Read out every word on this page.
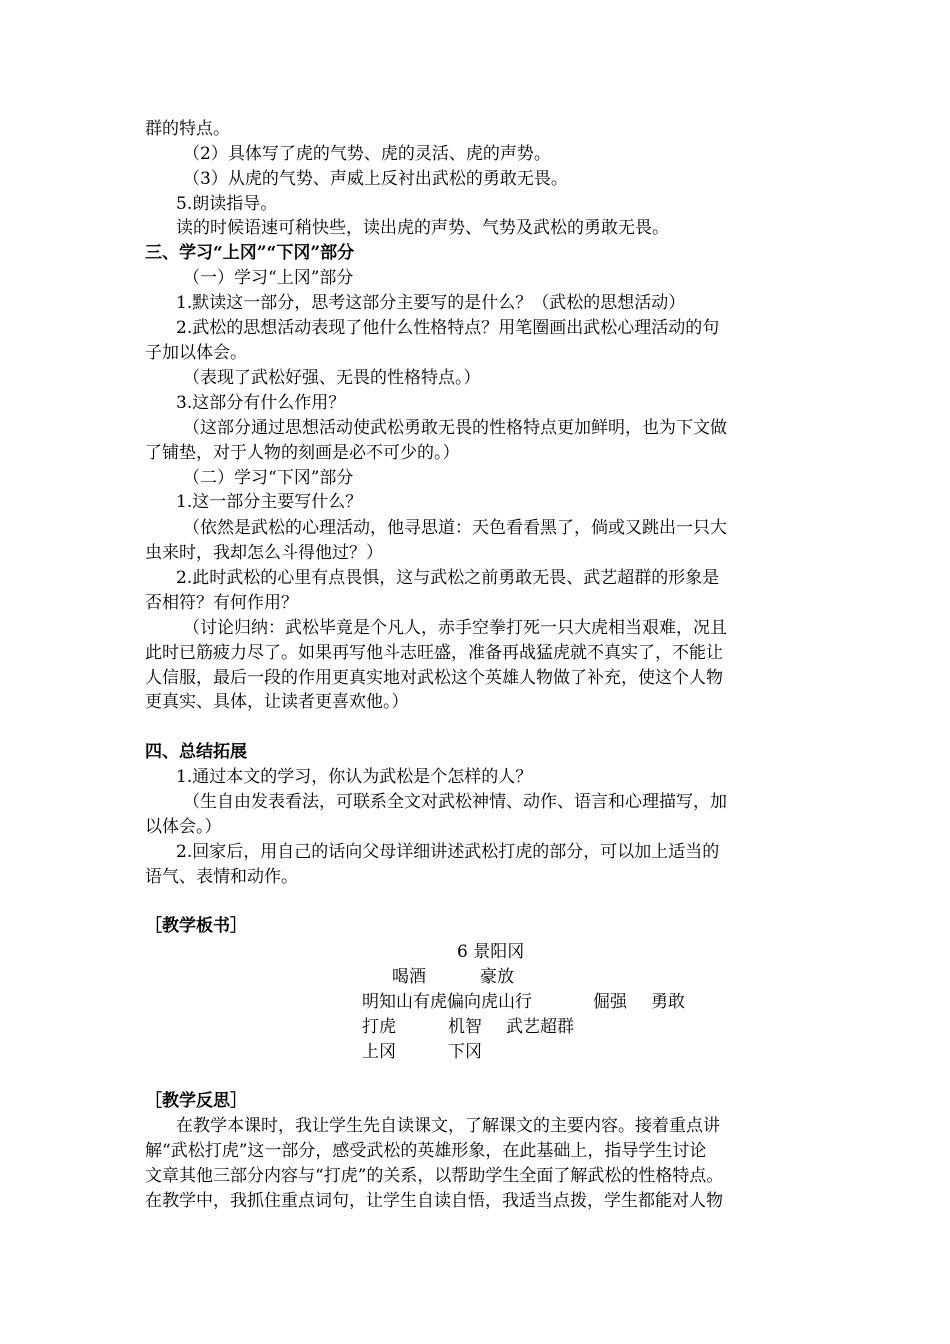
群的特点。
（2）具体写了虎的气势、虎的灵活、虎的声势。
（3）从虎的气势、声威上反衬出武松的勇敢无畏。
5.朗读指导。
读的时候语速可稍快些，读出虎的声势、气势及武松的勇敢无畏。
三、学习“上冈”“下冈”部分
（一）学习“上冈”部分
1.默读这一部分，思考这部分主要写的是什么？（武松的思想活动）
2.武松的思想活动表现了他什么性格特点？用笔圈画出武松心理活动的句
子加以体会。
（表现了武松好强、无畏的性格特点。）
3.这部分有什么作用？
（这部分通过思想活动使武松勇敢无畏的性格特点更加鲜明，也为下文做
了铺垫，对于人物的刻画是必不可少的。）
（二）学习“下冈”部分
1.这一部分主要写什么？
（依然是武松的心理活动，他寻思道：天色看看黑了，倘或又跳出一只大
虫来时，我却怎么斗得他过？）
2.此时武松的心里有点畏惧，这与武松之前勇敢无畏、武艺超群的形象是
否相符？有何作用？
（讨论归纳：武松毕竟是个凡人，赤手空拳打死一只大虎相当艰难，况且
此时已筋疲力尽了。如果再写他斗志旺盛，准备再战猛虎就不真实了，不能让
人信服，最后一段的作用更真实地对武松这个英雄人物做了补充，使这个人物
更真实、具体，让读者更喜欢他。）
四、总结拓展
1.通过本文的学习，你认为武松是个怎样的人？
（生自由发表看法，可联系全文对武松神情、动作、语言和心理描写，加
以体会。）
2.回家后，用自己的话向父母详细讲述武松打虎的部分，可以加上适当的
语气、表情和动作。
［教学板书］
6 景阳冈
喝酒	豪放
明知山有虎偏向虎山行	倔强 勇敢
打虎	机智 武艺超群
上冈	下冈
［教学反思］
在教学本课时，我让学生先自读课文，了解课文的主要内容。接着重点讲
解“武松打虎”这一部分，感受武松的英雄形象，在此基础上，指导学生讨论
文章其他三部分内容与“打虎”的关系，以帮助学生全面了解武松的性格特点。
在教学中，我抓住重点词句，让学生自读自悟，我适当点拨，学生都能对人物
